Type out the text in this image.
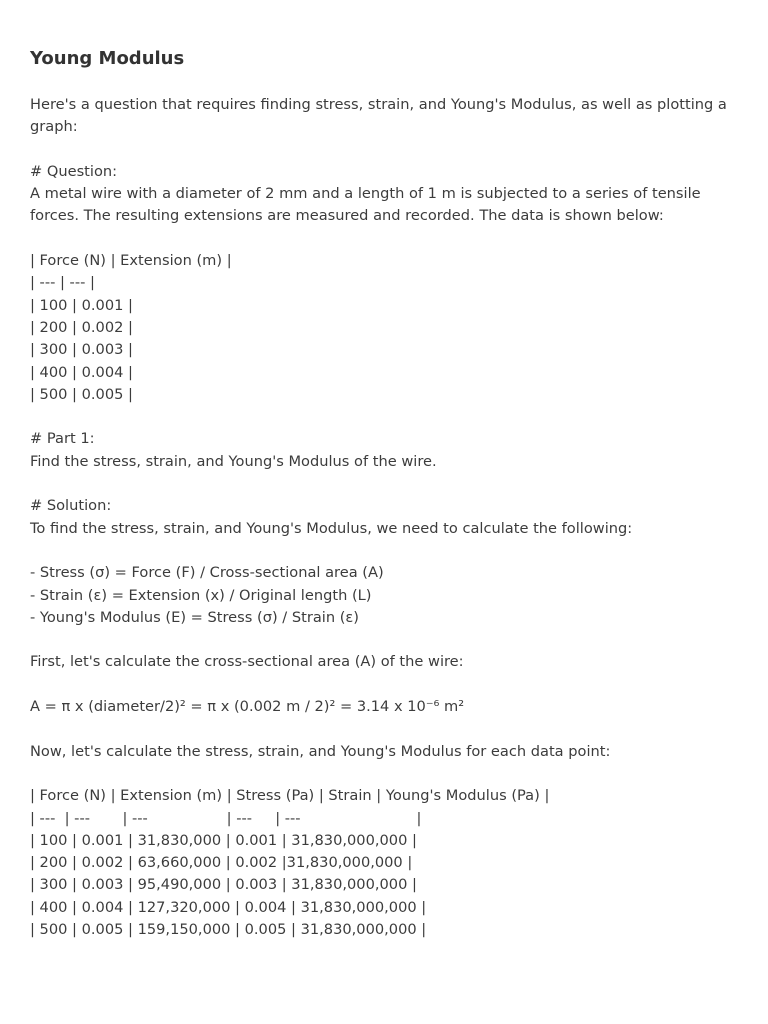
Young Modulus
Here's a question that requires finding stress, strain, and Young's Modulus, as well as plotting a graph:
# Question:
A metal wire with a diameter of 2 mm and a length of 1 m is subjected to a series of tensile forces. The resulting extensions are measured and recorded. The data is shown below:
| Force (N) | Extension (m) |
| --- | --- |
| 100 | 0.001 |
| 200 | 0.002 |
| 300 | 0.003 |
| 400 | 0.004 |
| 500 | 0.005 |
# Part 1:
Find the stress, strain, and Young's Modulus of the wire.
# Solution:
To find the stress, strain, and Young's Modulus, we need to calculate the following:
- Stress (σ) = Force (F) / Cross-sectional area (A)
- Strain (ε) = Extension (x) / Original length (L)
- Young's Modulus (E) = Stress (σ) / Strain (ε)
First, let's calculate the cross-sectional area (A) of the wire:
A = π x (diameter/2)² = π x (0.002 m / 2)² = 3.14 x 10⁻⁶ m²
Now, let's calculate the stress, strain, and Young's Modulus for each data point:
| Force (N) | Extension (m) | Stress (Pa) | Strain | Young's Modulus (Pa) |
| ---  | ---       | ---                 | ---     | ---                         |
| 100 | 0.001 | 31,830,000 | 0.001 | 31,830,000,000 |
| 200 | 0.002 | 63,660,000 | 0.002 |31,830,000,000 |
| 300 | 0.003 | 95,490,000 | 0.003 | 31,830,000,000 |
| 400 | 0.004 | 127,320,000 | 0.004 | 31,830,000,000 |
| 500 | 0.005 | 159,150,000 | 0.005 | 31,830,000,000 |
